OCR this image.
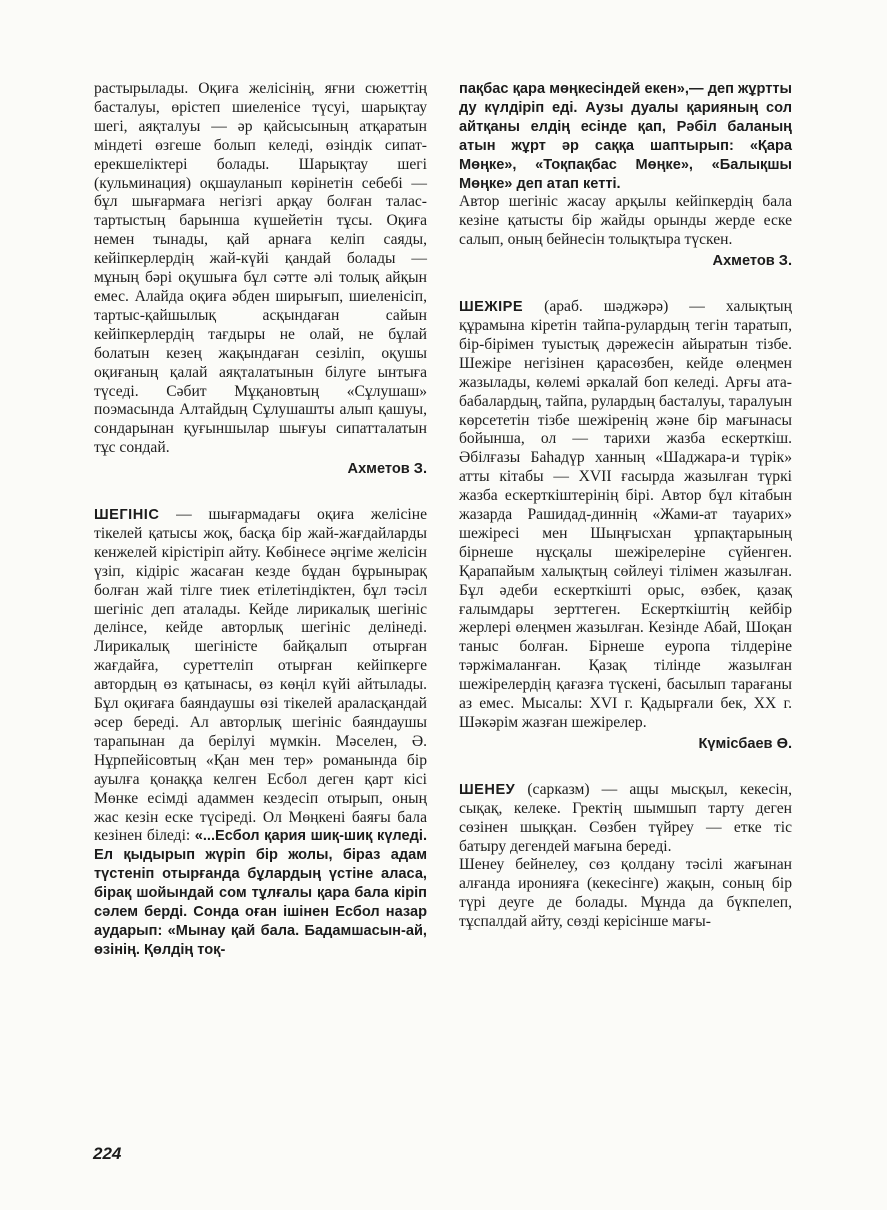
растырылады. Оқиға желісінің, яғни сюжеттің басталуы, өрістеп шиеленісе түсуі, шарықтау шегі, аяқталуы — әр қайсысының атқаратын міндеті өзгеше болып келеді, өзіндік сипат-ерекшеліктері болады. Шарықтау шегі (кульминация) оқшауланып көрінетін себебі — бұл шығармаға негізгі арқау болған талас-тартыстың барынша күшейетін тұсы. Оқиға немен тынады, қай арнаға келіп саяды, кейіпкерлердің жай-күйі қандай болады — мұның бәрі оқушыға бұл сәтте әлі толық айқын емес. Алайда оқиға әбден ширығып, шиеленісіп, тартыс-қайшылық асқындаған сайын кейіпкерлердің тағдыры не олай, не бұлай болатын кезең жақындаған сезіліп, оқушы оқиғаның қалай аяқталатынын білуге ынтыға түседі. Сәбит Мұқановтың «Сұлушаш» поэмасында Алтайдың Сұлушашты алып қашуы, сондарынан қуғыншылар шығуы сипатталатын тұс сондай.

Ахметов З.

ШЕГІНІС — шығармадағы оқиға желісіне тікелей қатысы жоқ, басқа бір жай-жағдайларды кенжелей кірістіріп айту. Көбінесе әңгіме желісін үзіп, кідіріс жасаған кезде бұдан бұрынырақ болған жай тілге тиек етілетіндіктен, бұл тәсіл шегініс деп аталады. Кейде лирикалық шегініс делінсе, кейде авторлық шегініс делінеді. Лирикалық шегіністе байқалып отырған жағдайға, суреттеліп отырған кейіпкерге автордың өз қатынасы, өз көңіл күйі айтылады. Бұл оқиғаға баяндаушы өзі тікелей араласқандай әсер береді. Ал авторлық шегініс баяндаушы тарапынан да берілуі мүмкін. Мәселен, Ә. Нұрпейісовтың «Қан мен тер» романында бір ауылға қонаққа келген Есбол деген қарт кісі Мөнке есімді адаммен кездесіп отырып, оның жас кезін еске түсіреді. Ол Мөңкені баяғы бала кезінен біледі: «...Есбол қария шиқ-шиқ күледі. Ел қыдырып жүріп бір жолы, біраз адам түстеніп отырғанда бұлардың үстіне аласа, бірақ шойындай сом тұлғалы қара бала кіріп сәлем берді. Сонда оған ішінен Есбол назар аударып: «Мынау қай бала. Бадамшасын-ай, өзінің. Қөлдің тоқ-

пақбас қара мөңкесіндей екен»,— деп жұртты ду күлдіріп еді. Аузы дуалы қарияның сол айтқаны елдің есінде қап, Рәбіл баланың атын жұрт әр саққа шаптырып: «Қара Мөңке», «Тоқпақбас Мөңке», «Балықшы Мөңке» деп атап кетті.

Автор шегініс жасау арқылы кейіпкердің бала кезіне қатысты бір жайды орынды жерде еске салып, оның бейнесін толықтыра түскен.

Ахметов З.

ШЕЖІРЕ (араб. шәджәрә) — халықтың құрамына кіретін тайпа-рулардың тегін таратып, бір-бірімен туыстық дәрежесін айыратын тізбе. Шежіре негізінен қарасөзбен, кейде өлеңмен жазылады, көлемі әркалай боп келеді. Арғы ата-бабалардың, тайпа, рулардың басталуы, таралуын көрсететін тізбе шежіренің және бір мағынасы бойынша, ол — тарихи жазба ескерткіш. Әбілғазы Баһадүр ханның «Шаджара-и түрік» атты кітабы — XVII ғасырда жазылған түркі жазба ескерткіштерінің бірі. Автор бұл кітабын жазарда Рашидад-диннің «Жами-ат тауарих» шежіресі мен Шыңғысхан ұрпақтарының бірнеше нұсқалы шежірелеріне сүйенген. Қарапайым халықтың сөйлеуі тілімен жазылған. Бұл әдеби ескерткішті орыс, өзбек, қазақ ғалымдары зерттеген. Ескерткіштің кейбір жерлері өлеңмен жазылған. Кезінде Абай, Шоқан таныс болған. Бірнеше еуропа тілдеріне тәржімаланған. Қазақ тілінде жазылған шежірелердің қағазға түскені, басылып тарағаны аз емес. Мысалы: XVI г. Қадырғали бек, XX г. Шәкәрім жазған шежірелер.

Күмісбаев Ө.

ШЕНЕУ (сарказм) — ащы мысқыл, кекесін, сықақ, келеке. Гректің шымшып тарту деген сөзінен шыққан. Сөзбен түйреу — етке тіс батыру дегендей мағына береді.

Шенеу бейнелеу, сөз қолдану тәсілі жағынан алғанда иронияға (кекесінге) жақын, соның бір түрі деуге де болады. Мұнда да бүкпелеп, тұспалдай айту, сөзді керісінше мағы-

224
